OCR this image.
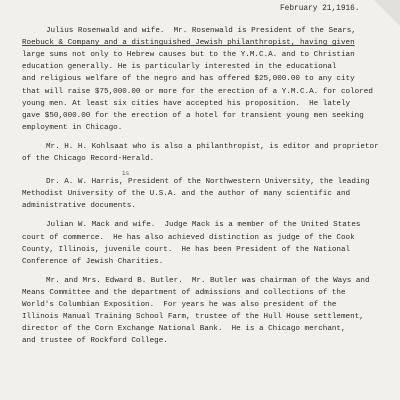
February 21,1916.
Julius Rosenwald and wife.  Mr. Rosenwald is President of the Sears,
Roebuck & Company and a distinguished Jewish philanthropist, having given
large sums not only to Hebrew causes but to the Y.M.C.A. and to Christian
education generally. He is particularly interested in the educational
and religious welfare of the negro and has offered $25,000.00 to any city
that will raise $75,000.00 or more for the erection of a Y.M.C.A. for colored
young men. At least six cities have accepted his proposition.  He lately
gave $50,000.00 for the erection of a hotel for transient young men seeking
employment in Chicago.
Mr. H. H. Kohlsaat who is also a philanthropist, is editor and proprietor
of the Chicago Record-Herald.
is
Dr. A. W. Harris, President of the Northwestern University, the leading
Methodist University of the U.S.A. and the author of many scientific and
administrative documents.
Julian W. Mack and wife.  Judge Mack is a member of the United States
court of commerce.  He has also achieved distinction as judge of the Cook
County, Illinois, juvenile court.  He has been President of the National
Conference of Jewish Charities.
Mr. and Mrs. Edward B. Butler.  Mr. Butler was chairman of the Ways and
Means Committee and the department of admissions and collections of the
World's Columbian Exposition.  For years he was also president of the
Illinois Manual Training School Farm, trustee of the Hull House settlement,
director of the Corn Exchange National Bank.  He is a Chicago merchant,
and trustee of Rockford College.
